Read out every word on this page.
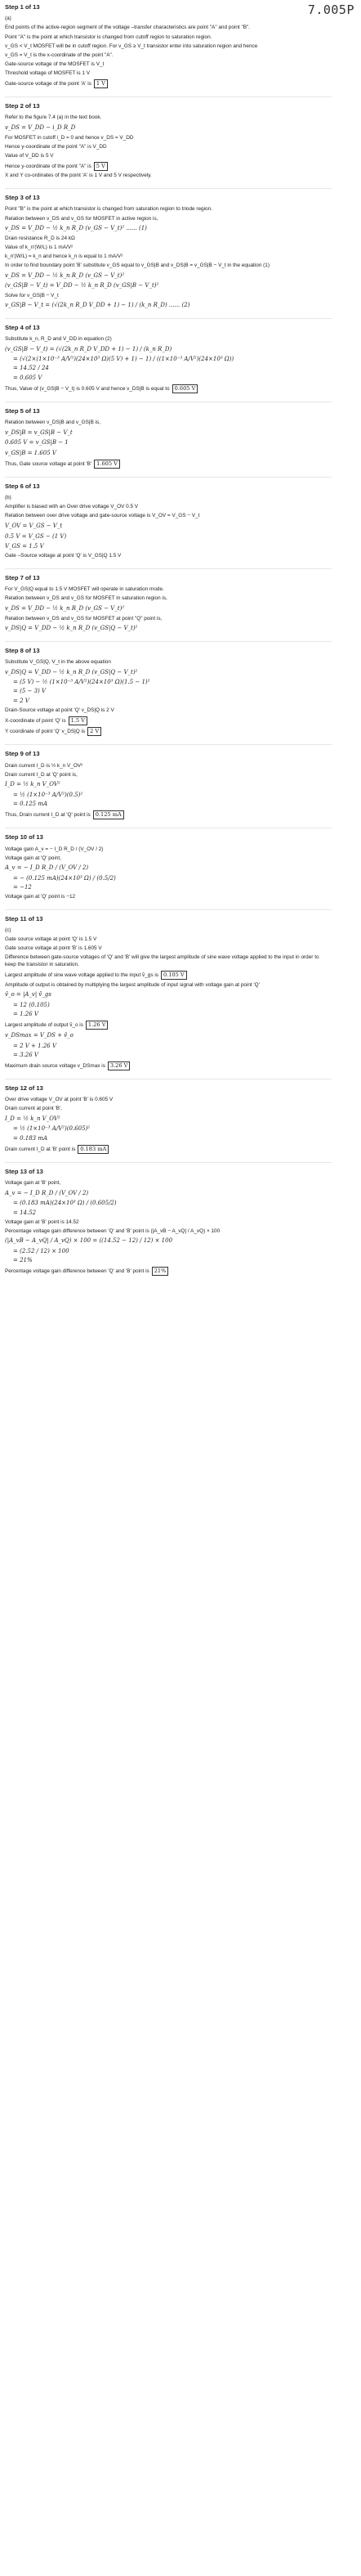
7.005P
Step 1 of 13
(a)
End points of the active-region segment of the voltage –transfer characteristics are point "A" and point "B".
Point "A" is the point at which transistor is changed from cutoff region to saturation region.
v_GS < V_t MOSFET will be in cutoff region. For v_GS ≥ V_t transistor enter into saturation region and hence
v_GS = V_t is the x-coordinate of the point "A".
Gate-source voltage of the MOSFET is V_t
Threshold voltage of MOSFET is 1 V
Gate-source voltage of the point 'A' is 1 V
Step 2 of 13
Refer to the figure 7.4 (a) in the text book.
v_DS = V_DD − i_D R_D
For MOSFET in cutoff i_D = 0 and hence v_DS = V_DD
Hence y-coordinate of the point "A" is V_DD
Value of V_DD is 5 V
Hence y-coordinate of the point "A" is 5 V
X and Y co-ordinates of the point 'A' is 1 V and 5 V respectively.
Step 3 of 13
Point "B" is the point at which transistor is changed from saturation region to triode region.
Relation between v_DS and v_GS for MOSFET in active region is,
v_DS = V_DD − ½ k_n R_D (v_GS − V_t)² ...... (1)
Drain resistance R_D is 24 kΩ
Value of k_n'(W/L) is 1 mA/V²
k_n'(W/L) = k_n and hence k_n is equal to 1 mA/V²
In order to find boundary point 'B' substitute v_GS equal to v_GS|B and v_DS|B = v_GS|B − V_t in the equation (1)
v_DS = V_DD − ½ k_n R_D (v_GS − V_t)²
(v_GS|B − V_t) = V_DD − ½ k_n R_D (v_GS|B − V_t)²
Solve for v_GS|B − V_t
v_GS|B − V_t = (√(2k_n R_D V_DD + 1) − 1) / (k_n R_D) ...... (2)
Step 4 of 13
Substitute k_n, R_D and V_DD in equation (2)
(v_GS|B − V_t) = (√(2k_n R_D V_DD + 1) − 1) / (k_n R_D)
= (√(2×(1×10⁻³ A/V²)(24×10³ Ω)(5 V) + 1) − 1) / ((1×10⁻³ A/V²)(24×10³ Ω))
= 14.52 / 24
= 0.605 V
Thus, Value of (v_GS|B − V_t) is 0.605 V and hence v_DS|B is equal to 0.605 V
Step 5 of 13
Relation between v_DS|B and v_GS|B is,
v_DS|B = v_GS|B − V_t
0.605 V = v_GS|B − 1
v_GS|B = 1.605 V
Thus, Gate source voltage at point 'B' 1.605 V
Step 6 of 13
(b)
Amplifier is biased with an Over drive voltage V_OV 0.5 V
Relation between over drive voltage and gate-source voltage is V_OV = V_GS − V_t
V_OV = V_GS − V_t
0.5 V = V_GS − (1 V)
V_GS = 1.5 V
Gate –Source voltage at point 'Q' is V_GS|Q 1.5 V
Step 7 of 13
For V_GS|Q equal to 1.5 V MOSFET will operate in saturation mode.
Relation between v_DS and v_GS for MOSFET in saturation region is,
v_DS = V_DD − ½ k_n R_D (v_GS − V_t)²
Relation between v_DS and v_GS for MOSFET at point "Q" point is,
v_DS|Q = V_DD − ½ k_n R_D (v_GS|Q − V_t)²
Step 8 of 13
Substitute V_GS|Q, V_t in the above equation
v_DS|Q = V_DD − ½ k_n R_D (v_GS|Q − V_t)²
= (5 V) − ½ (1×10⁻³ A/V²)(24×10³ Ω)(1.5 − 1)²
= (5 − 3) V
= 2 V
Drain-Source voltage at point 'Q' v_DS|Q is 2 V
X-coordinate of point 'Q' is 1.5 V
Y coordinate of point 'Q' v_DS|Q is 2 V
Step 9 of 13
Drain current I_D is ½ k_n V_OV²
Drain current I_D at 'Q' point is,
I_D = ½ k_n V_OV²
= ½ (1×10⁻³ A/V²)(0.5)²
= 0.125 mA
Thus, Drain current I_D at 'Q' point is 0.125 mA
Step 10 of 13
Voltage gain A_v = − I_D R_D / (V_OV / 2)
Voltage gain at 'Q' point,
A_v = − I_D R_D / (V_OV / 2)
= − (0.125 mA)(24×10³ Ω) / (0.5/2)
= −12
Voltage gain at 'Q' point is −12
Step 11 of 13
(c)
Gate source voltage at point 'Q' is 1.5 V
Gate source voltage at point 'B' is 1.605 V
Difference between gate-source voltages of 'Q' and 'B' will give the largest amplitude of sine wave voltage applied to the input in order to keep the transistor in saturation.
Largest amplitude of sine wave voltage applied to the input v̂_gs is 0.105 V
Amplitude of output is obtained by multiplying the largest amplitude of input signal with voltage gain at point 'Q'
v̂_o = |A_v| v̂_gs
= 12 (0.105)
= 1.26 V
Largest amplitude of output v̂_o is 1.26 V
v_DSmax = V_DS + v̂_o
= 2 V + 1.26 V
= 3.26 V
Maximum drain source voltage v_DSmax is 3.26 V
Step 12 of 13
Over drive voltage V_OV at point 'B' is 0.605 V
Drain current at point 'B',
I_D = ½ k_n V_OV²
= ½ (1×10⁻³ A/V²)(0.605)²
= 0.183 mA
Drain current I_D at 'B' point is 0.183 mA
Step 13 of 13
Voltage gain at 'B' point,
A_v = − I_D R_D / (V_OV / 2)
= (0.183 mA)(24×10³ Ω) / (0.605/2)
= 14.52
Voltage gain at 'B' point is 14.52
Percentage voltage gain difference between 'Q' and 'B' point is (|A_vB − A_vQ| / A_vQ) × 100
(|A_vB − A_vQ| / A_vQ) × 100 = ((14.52 − 12) / 12) × 100
= (2.52 / 12) × 100
= 21%
Percentage voltage gain difference between 'Q' and 'B' point is 21%
